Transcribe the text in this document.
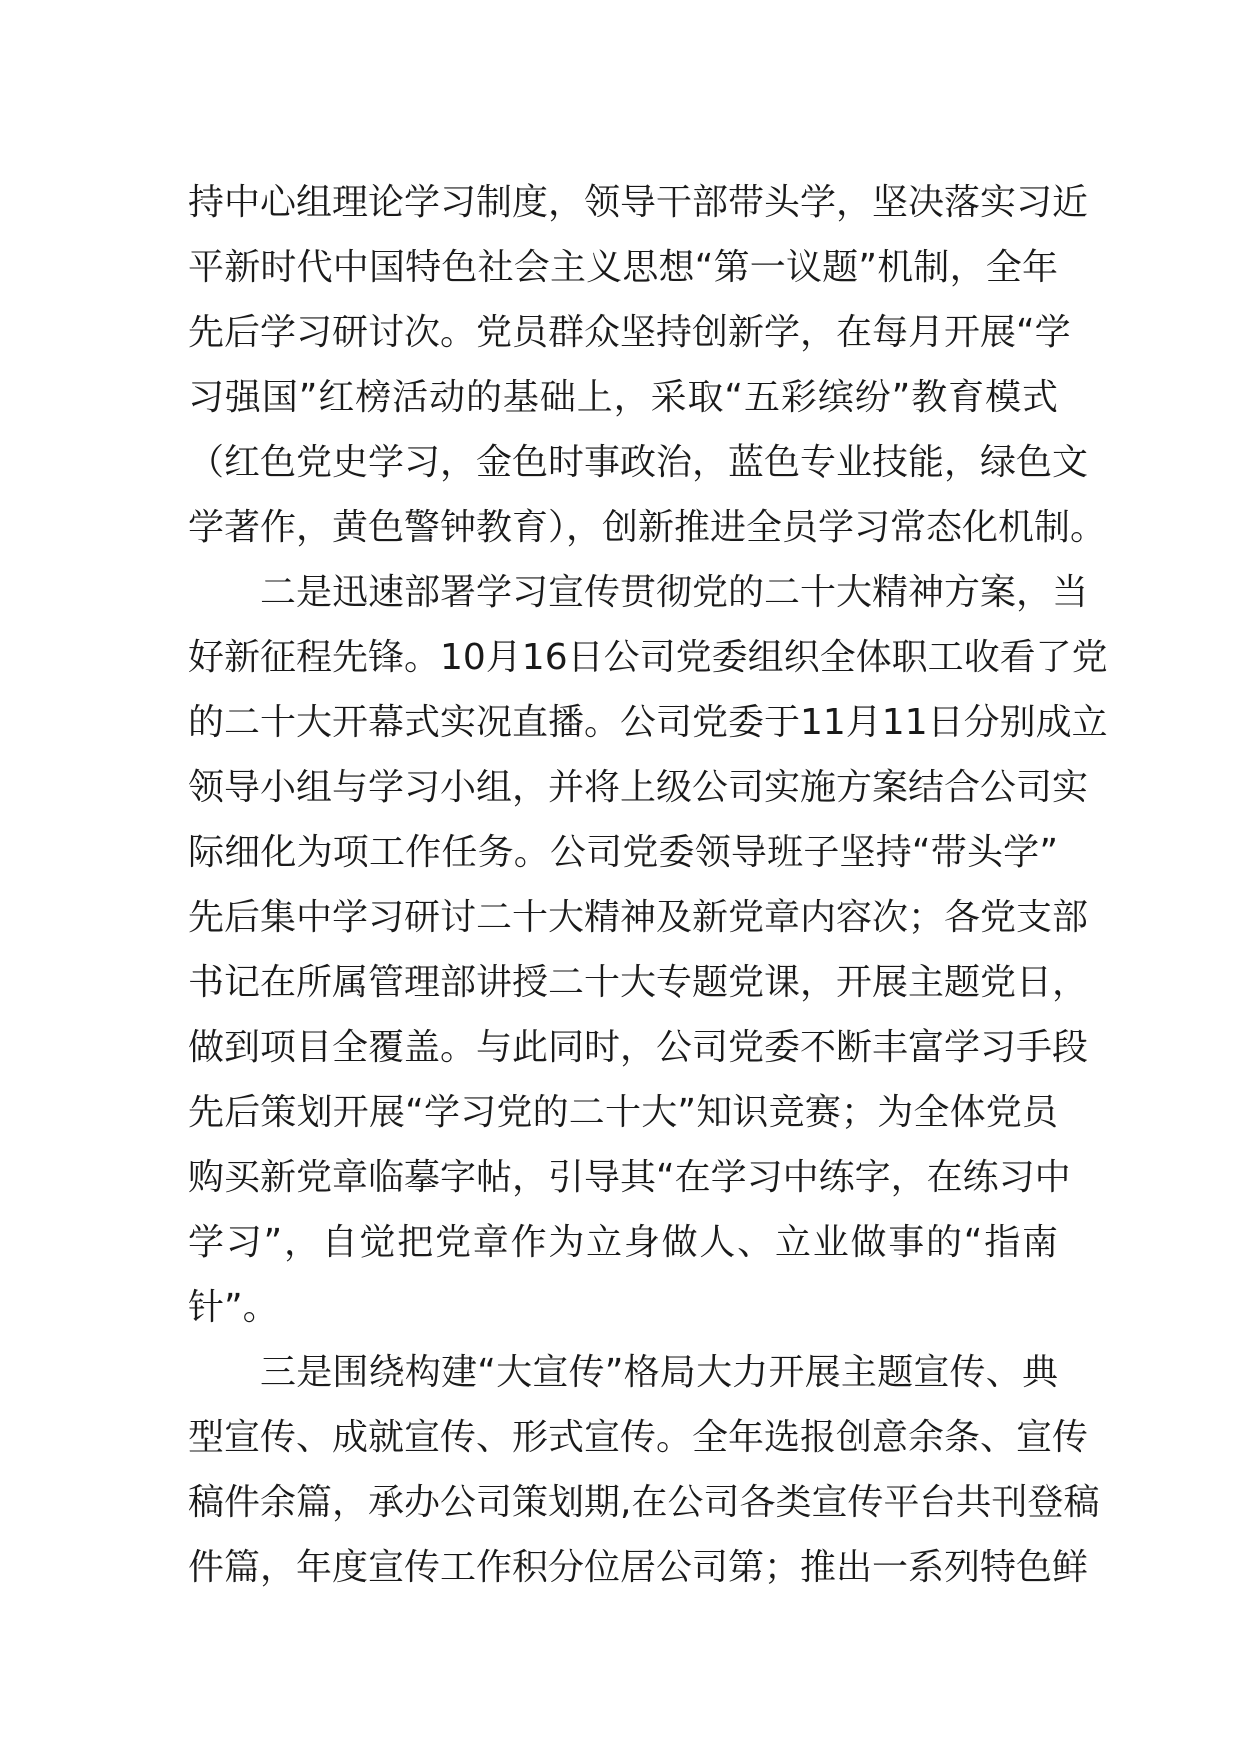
持中心组理论学习制度，领导干部带头学，坚决落实习近
平新时代中国特色社会主义思想“第一议题”机制，全年
先后学习研讨次。党员群众坚持创新学，在每月开展“学
习强国”红榜活动的基础上，采取“五彩缤纷”教育模式
（红色党史学习，金色时事政治，蓝色专业技能，绿色文
学著作，黄色警钟教育），创新推进全员学习常态化机制。
二是迅速部署学习宣传贯彻党的二十大精神方案，当
好新征程先锋。10月16日公司党委组织全体职工收看了党
的二十大开幕式实况直播。公司党委于11月11日分别成立
领导小组与学习小组，并将上级公司实施方案结合公司实
际细化为项工作任务。公司党委领导班子坚持“带头学”
先后集中学习研讨二十大精神及新党章内容次；各党支部
书记在所属管理部讲授二十大专题党课，开展主题党日，
做到项目全覆盖。与此同时，公司党委不断丰富学习手段
先后策划开展“学习党的二十大”知识竞赛；为全体党员
购买新党章临摹字帖，引导其“在学习中练字，在练习中
学习”，自觉把党章作为立身做人、立业做事的“指南
针”。
三是围绕构建“大宣传”格局大力开展主题宣传、典
型宣传、成就宣传、形式宣传。全年选报创意余条、宣传
稿件余篇，承办公司策划期,在公司各类宣传平台共刊登稿
件篇，年度宣传工作积分位居公司第；推出一系列特色鲜
